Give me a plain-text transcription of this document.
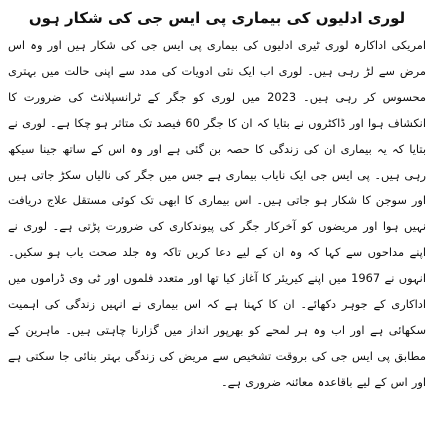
لوری ادلیوں کی بیماری پی ایس جی کی شکار ہوں

امریکی اداکارہ لوری ٹیری ادلیوں کی بیماری پی ایس جی کی شکار ہیں اور وہ اس مرض سے لڑ رہی ہیں۔ لوری اب ایک نئی ادویات کی مدد سے اپنی حالت میں بہتری محسوس کر رہی ہیں۔ 2023 میں لوری کو جگر کے ٹرانسپلانٹ کی ضرورت کا انکشاف ہوا اور ڈاکٹروں نے بتایا کہ ان کا جگر 60 فیصد تک متاثر ہو چکا ہے۔ لوری نے بتایا کہ یہ بیماری ان کی زندگی کا حصہ بن گئی ہے اور وہ اس کے ساتھ جینا سیکھ رہی ہیں۔ پی ایس جی ایک نایاب بیماری ہے جس میں جگر کی نالیاں سکڑ جاتی ہیں اور سوجن کا شکار ہو جاتی ہیں۔ اس بیماری کا ابھی تک کوئی مستقل علاج دریافت نہیں ہوا اور مریضوں کو آخرکار جگر کی پیوندکاری کی ضرورت پڑتی ہے۔ لوری نے اپنے مداحوں سے کہا کہ وہ ان کے لیے دعا کریں تاکہ وہ جلد صحت یاب ہو سکیں۔ انہوں نے 1967 میں اپنے کیریئر کا آغاز کیا تھا اور متعدد فلموں اور ٹی وی ڈراموں میں اداکاری کے جوہر دکھائے۔ ان کا کہنا ہے کہ اس بیماری نے انہیں زندگی کی اہمیت سکھائی ہے اور اب وہ ہر لمحے کو بھرپور انداز میں گزارنا چاہتی ہیں۔ ماہرین کے مطابق پی ایس جی کی بروقت تشخیص سے مریض کی زندگی بہتر بنائی جا سکتی ہے اور اس کے لیے باقاعدہ معائنہ ضروری ہے۔
